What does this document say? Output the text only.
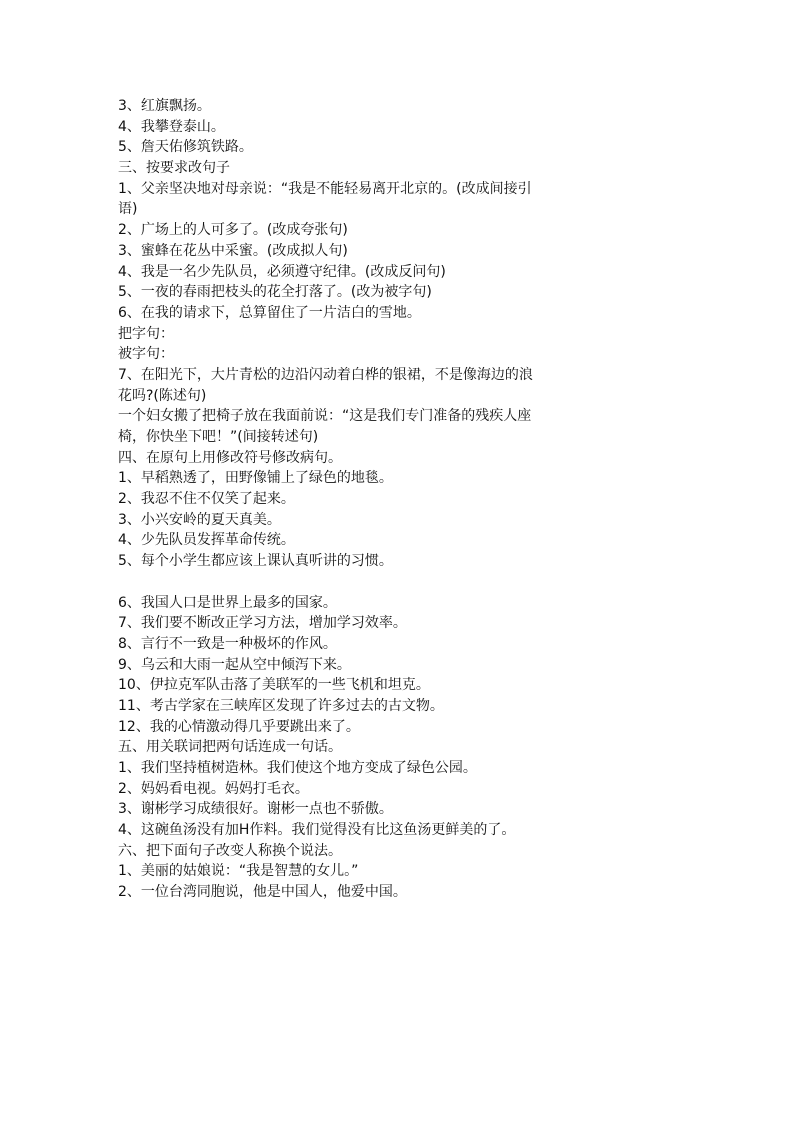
3、红旗飘扬。
4、我攀登泰山。
5、詹天佑修筑铁路。
三、按要求改句子
1、父亲坚决地对母亲说：“我是不能轻易离开北京的。(改成间接引
语)
2、广场上的人可多了。(改成夸张句)
3、蜜蜂在花丛中采蜜。(改成拟人句)
4、我是一名少先队员，必须遵守纪律。(改成反问句)
5、一夜的春雨把枝头的花全打落了。(改为被字句)
6、在我的请求下，总算留住了一片洁白的雪地。
把字句：
被字句：
7、在阳光下，大片青松的边沿闪动着白桦的银裙，不是像海边的浪
花吗?(陈述句)
一个妇女搬了把椅子放在我面前说：“这是我们专门准备的残疾人座
椅，你快坐下吧！”(间接转述句)
四、在原句上用修改符号修改病句。
1、早稻熟透了，田野像铺上了绿色的地毯。
2、我忍不住不仅笑了起来。
3、小兴安岭的夏天真美。
4、少先队员发挥革命传统。
5、每个小学生都应该上课认真听讲的习惯。
6、我国人口是世界上最多的国家。
7、我们要不断改正学习方法，增加学习效率。
8、言行不一致是一种极坏的作风。
9、乌云和大雨一起从空中倾泻下来。
10、伊拉克军队击落了美联军的一些飞机和坦克。
11、考古学家在三峡库区发现了许多过去的古文物。
12、我的心情激动得几乎要跳出来了。
五、用关联词把两句话连成一句话。
1、我们坚持植树造林。我们使这个地方变成了绿色公园。
2、妈妈看电视。妈妈打毛衣。
3、谢彬学习成绩很好。谢彬一点也不骄傲。
4、这碗鱼汤没有加H作料。我们觉得没有比这鱼汤更鲜美的了。
六、把下面句子改变人称换个说法。
1、美丽的姑娘说：“我是智慧的女儿。”
2、一位台湾同胞说，他是中国人，他爱中国。
